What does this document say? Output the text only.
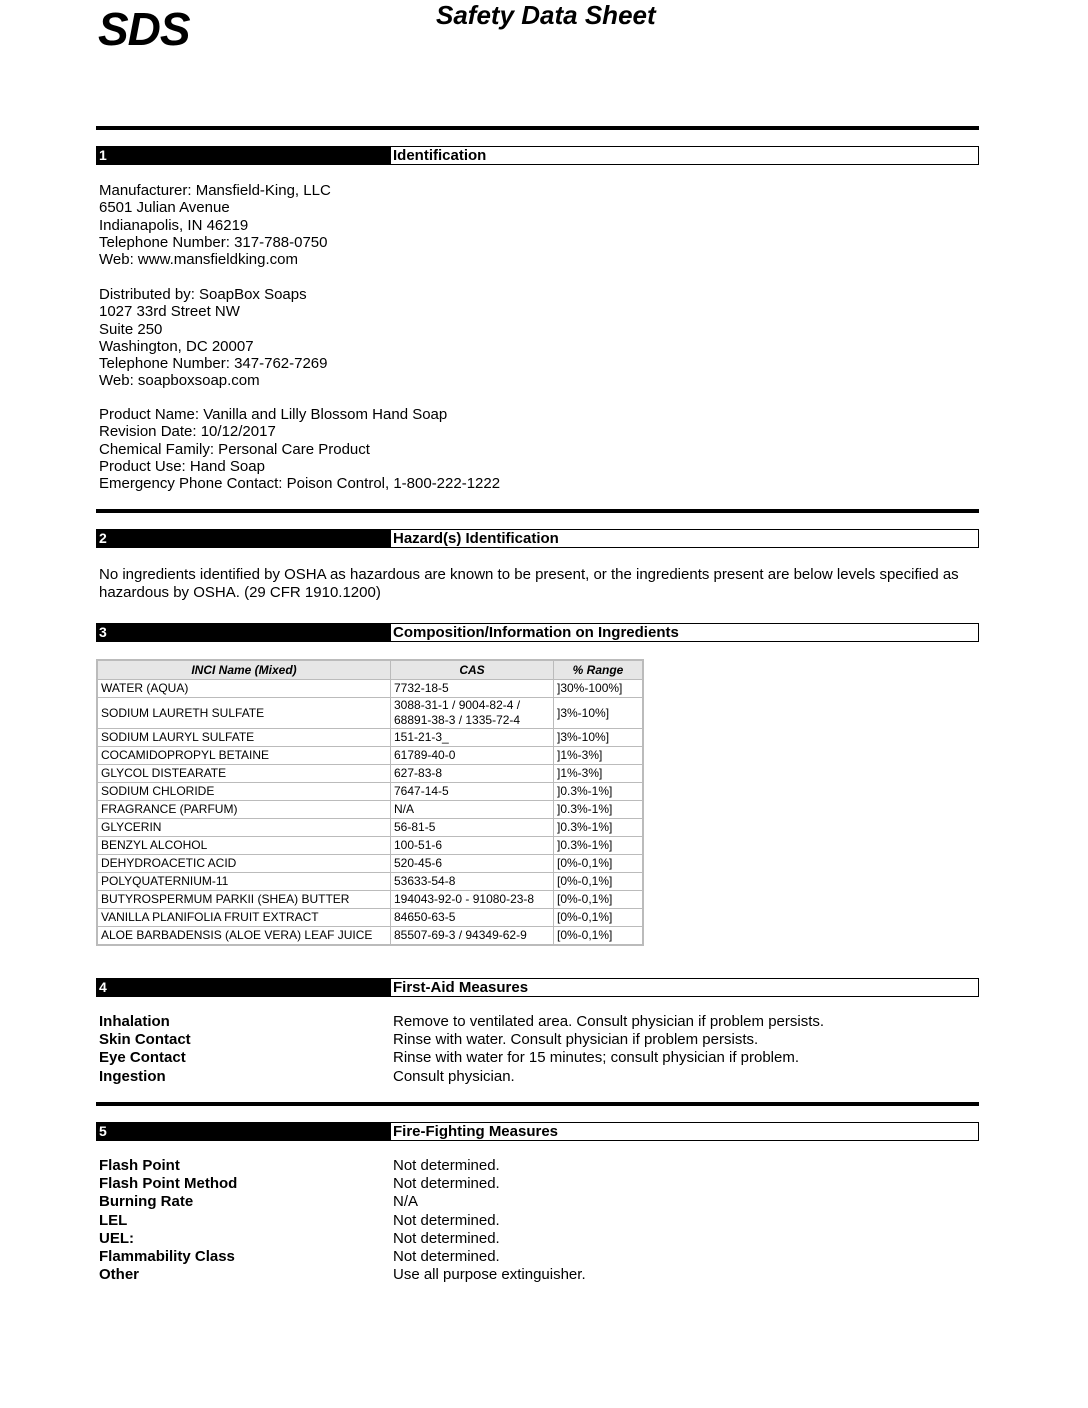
SDS	Safety Data Sheet
1	Identification
Manufacturer: Mansfield-King, LLC
6501 Julian Avenue
Indianapolis, IN 46219
Telephone Number: 317-788-0750
Web: www.mansfieldking.com
Distributed by: SoapBox Soaps
1027 33rd Street NW
Suite 250
Washington, DC 20007
Telephone Number: 347-762-7269
Web: soapboxsoap.com
Product Name: Vanilla and Lilly Blossom Hand Soap
Revision Date: 10/12/2017
Chemical Family: Personal Care Product
Product Use: Hand Soap
Emergency Phone Contact: Poison Control, 1-800-222-1222
2	Hazard(s) Identification
No ingredients identified by OSHA as hazardous are known to be present, or the ingredients present are below levels specified as hazardous by OSHA. (29 CFR 1910.1200)
3	Composition/Information on Ingredients
INCI Name (Mixed)	CAS	% Range
WATER (AQUA)	7732-18-5	]30%-100%]
SODIUM LAURETH SULFATE	3088-31-1 / 9004-82-4 / 68891-38-3 / 1335-72-4	]3%-10%]
SODIUM LAURYL SULFATE	151-21-3_	]3%-10%]
COCAMIDOPROPYL BETAINE	61789-40-0	]1%-3%]
GLYCOL DISTEARATE	627-83-8	]1%-3%]
SODIUM CHLORIDE	7647-14-5	]0.3%-1%]
FRAGRANCE (PARFUM)	N/A	]0.3%-1%]
GLYCERIN	56-81-5	]0.3%-1%]
BENZYL ALCOHOL	100-51-6	]0.3%-1%]
DEHYDROACETIC ACID	520-45-6	[0%-0,1%]
POLYQUATERNIUM-11	53633-54-8	[0%-0,1%]
BUTYROSPERMUM PARKII (SHEA) BUTTER	194043-92-0 - 91080-23-8	[0%-0,1%]
VANILLA PLANIFOLIA FRUIT EXTRACT	84650-63-5	[0%-0,1%]
ALOE BARBADENSIS (ALOE VERA) LEAF JUICE	85507-69-3 / 94349-62-9	[0%-0,1%]
4	First-Aid Measures
Inhalation	Remove to ventilated area. Consult physician if problem persists.
Skin Contact	Rinse with water. Consult physician if problem persists.
Eye Contact	Rinse with water for 15 minutes; consult physician if problem.
Ingestion	Consult physician.
5	Fire-Fighting Measures
Flash Point	Not determined.
Flash Point Method	Not determined.
Burning Rate	N/A
LEL	Not determined.
UEL:	Not determined.
Flammability Class	Not determined.
Other	Use all purpose extinguisher.
